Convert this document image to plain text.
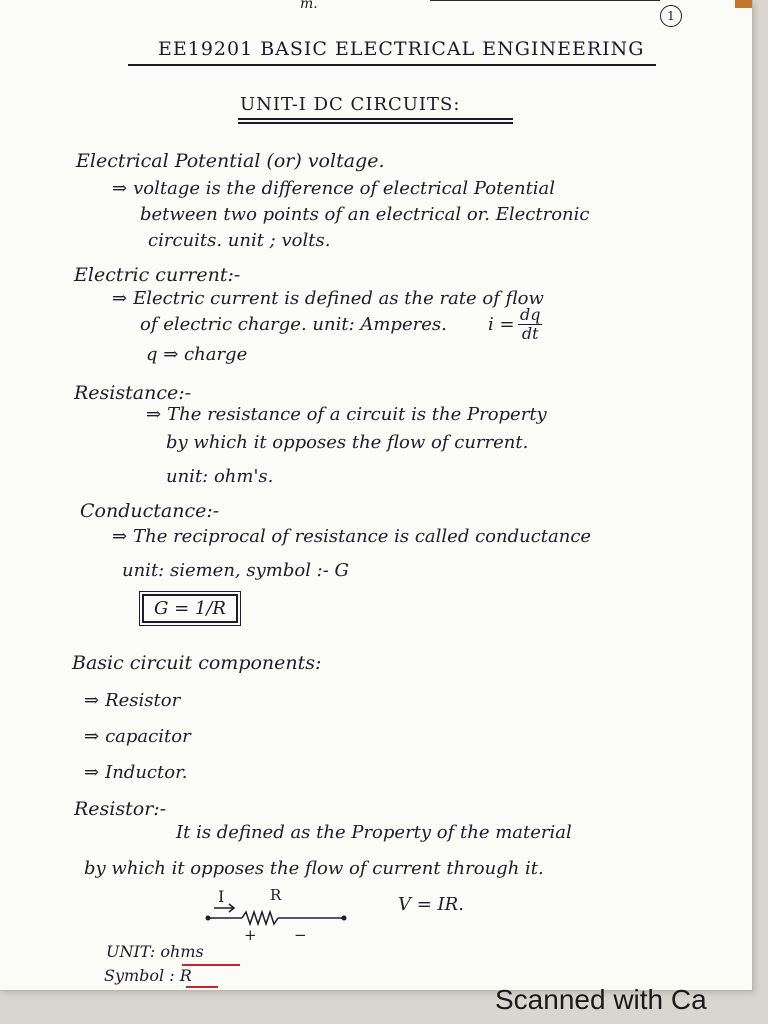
m.
1
EE19201 BASIC ELECTRICAL ENGINEERING
UNIT-I DC CIRCUITS:
Electrical Potential (or) voltage.
⇒ voltage is the difference of electrical Potential
between two points of an electrical or. Electronic
circuits. unit ; volts.
Electric current:-
⇒ Electric current is defined as the rate of flow
of electric charge. unit: Amperes. $i = \frac{dq}{dt}$
q ⇒ charge
Resistance:-
⇒ The resistance of a circuit is the Property
by which it opposes the flow of current.
unit: ohm's.
Conductance:-
⇒ The reciprocal of resistance is called conductance
unit: siemen, symbol :- G
G = 1/R
Basic circuit components:
⇒ Resistor
⇒ capacitor
⇒ Inductor.
Resistor:-
It is defined as the Property of the material
by which it opposes the flow of current through it.
I	R
+ −
V = IR.
UNIT: ohms
Symbol : R
Scanned with Ca
